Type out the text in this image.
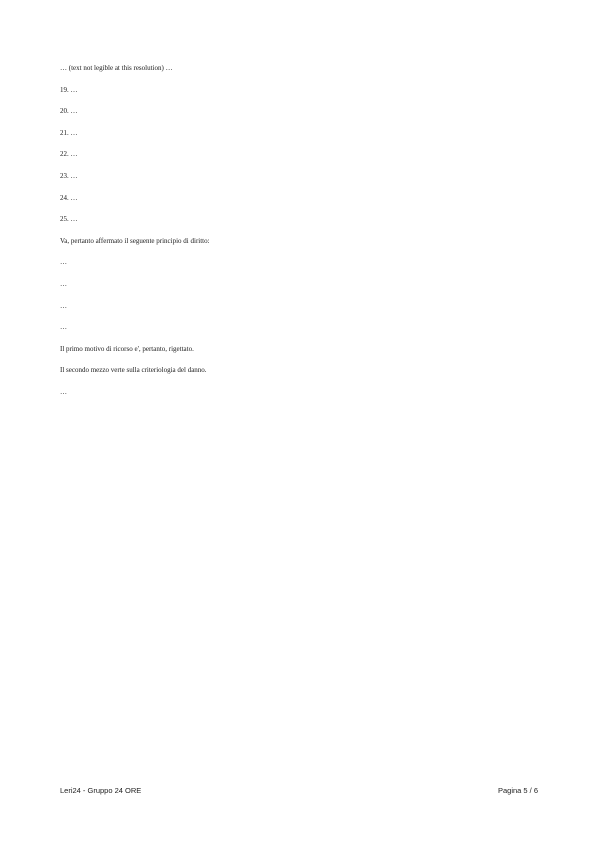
… (text not legible at this resolution) …

19. …

20. …

21. …

22. …

23. …

24. …

25. …

Va, pertanto affermato il seguente principio di diritto:

…

…

…

…

Il primo motivo di ricorso e', pertanto, rigettato.

Il secondo mezzo verte sulla criteriologia del danno.

…

Leri24 - Gruppo 24 ORE	Pagina 5 / 6
